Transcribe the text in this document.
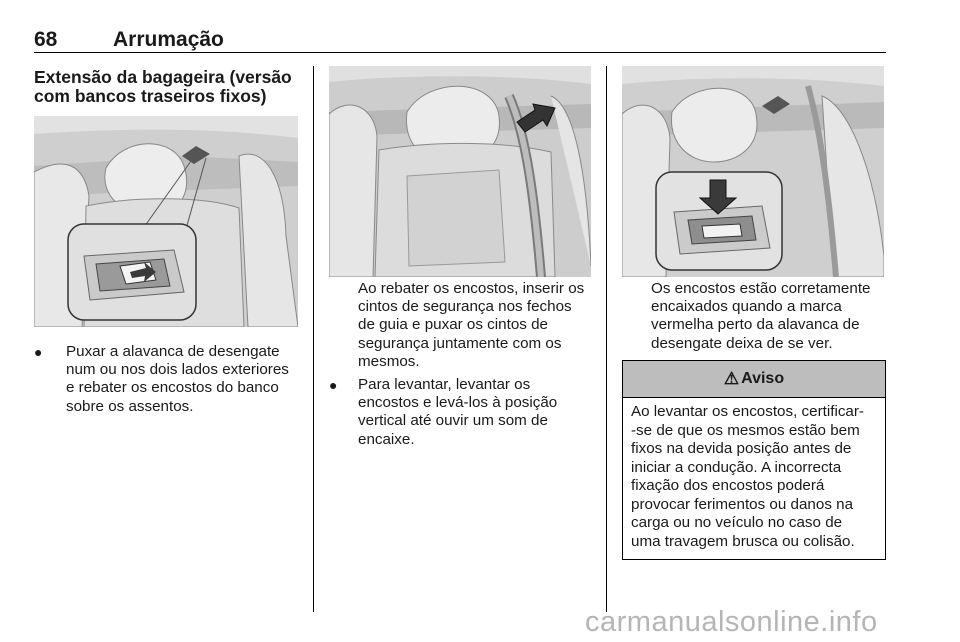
68	Arrumação
Extensão da bagageira (versão
com bancos traseiros fixos)
● Puxar a alavanca de desengate
num ou nos dois lados exteriores
e rebater os encostos do banco
sobre os assentos.
Ao rebater os encostos, inserir os
cintos de segurança nos fechos
de guia e puxar os cintos de
segurança juntamente com os
mesmos.
● Para levantar, levantar os
encostos e levá-los à posição
vertical até ouvir um som de
encaixe.
Os encostos estão corretamente
encaixados quando a marca
vermelha perto da alavanca de
desengate deixa de se ver.
⚠ Aviso
Ao levantar os encostos, certificar-
-se de que os mesmos estão bem
fixos na devida posição antes de
iniciar a condução. A incorrecta
fixação dos encostos poderá
provocar ferimentos ou danos na
carga ou no veículo no caso de
uma travagem brusca ou colisão.
carmanualsonline.info
